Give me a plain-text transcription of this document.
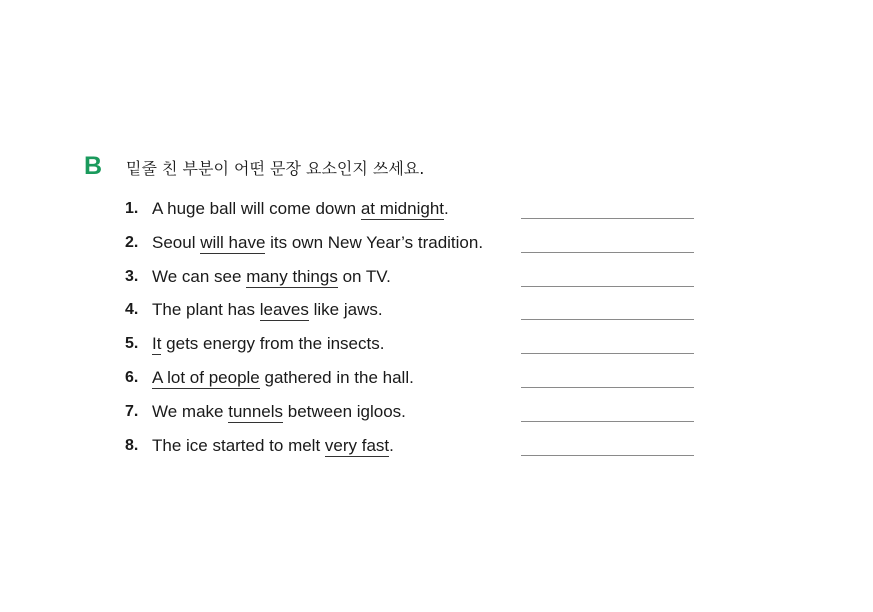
B	밑줄 친 부분이 어떤 문장 요소인지 쓰세요.
1. A huge ball will come down at midnight.
2. Seoul will have its own New Year’s tradition.
3. We can see many things on TV.
4. The plant has leaves like jaws.
5. It gets energy from the insects.
6. A lot of people gathered in the hall.
7. We make tunnels between igloos.
8. The ice started to melt very fast.
